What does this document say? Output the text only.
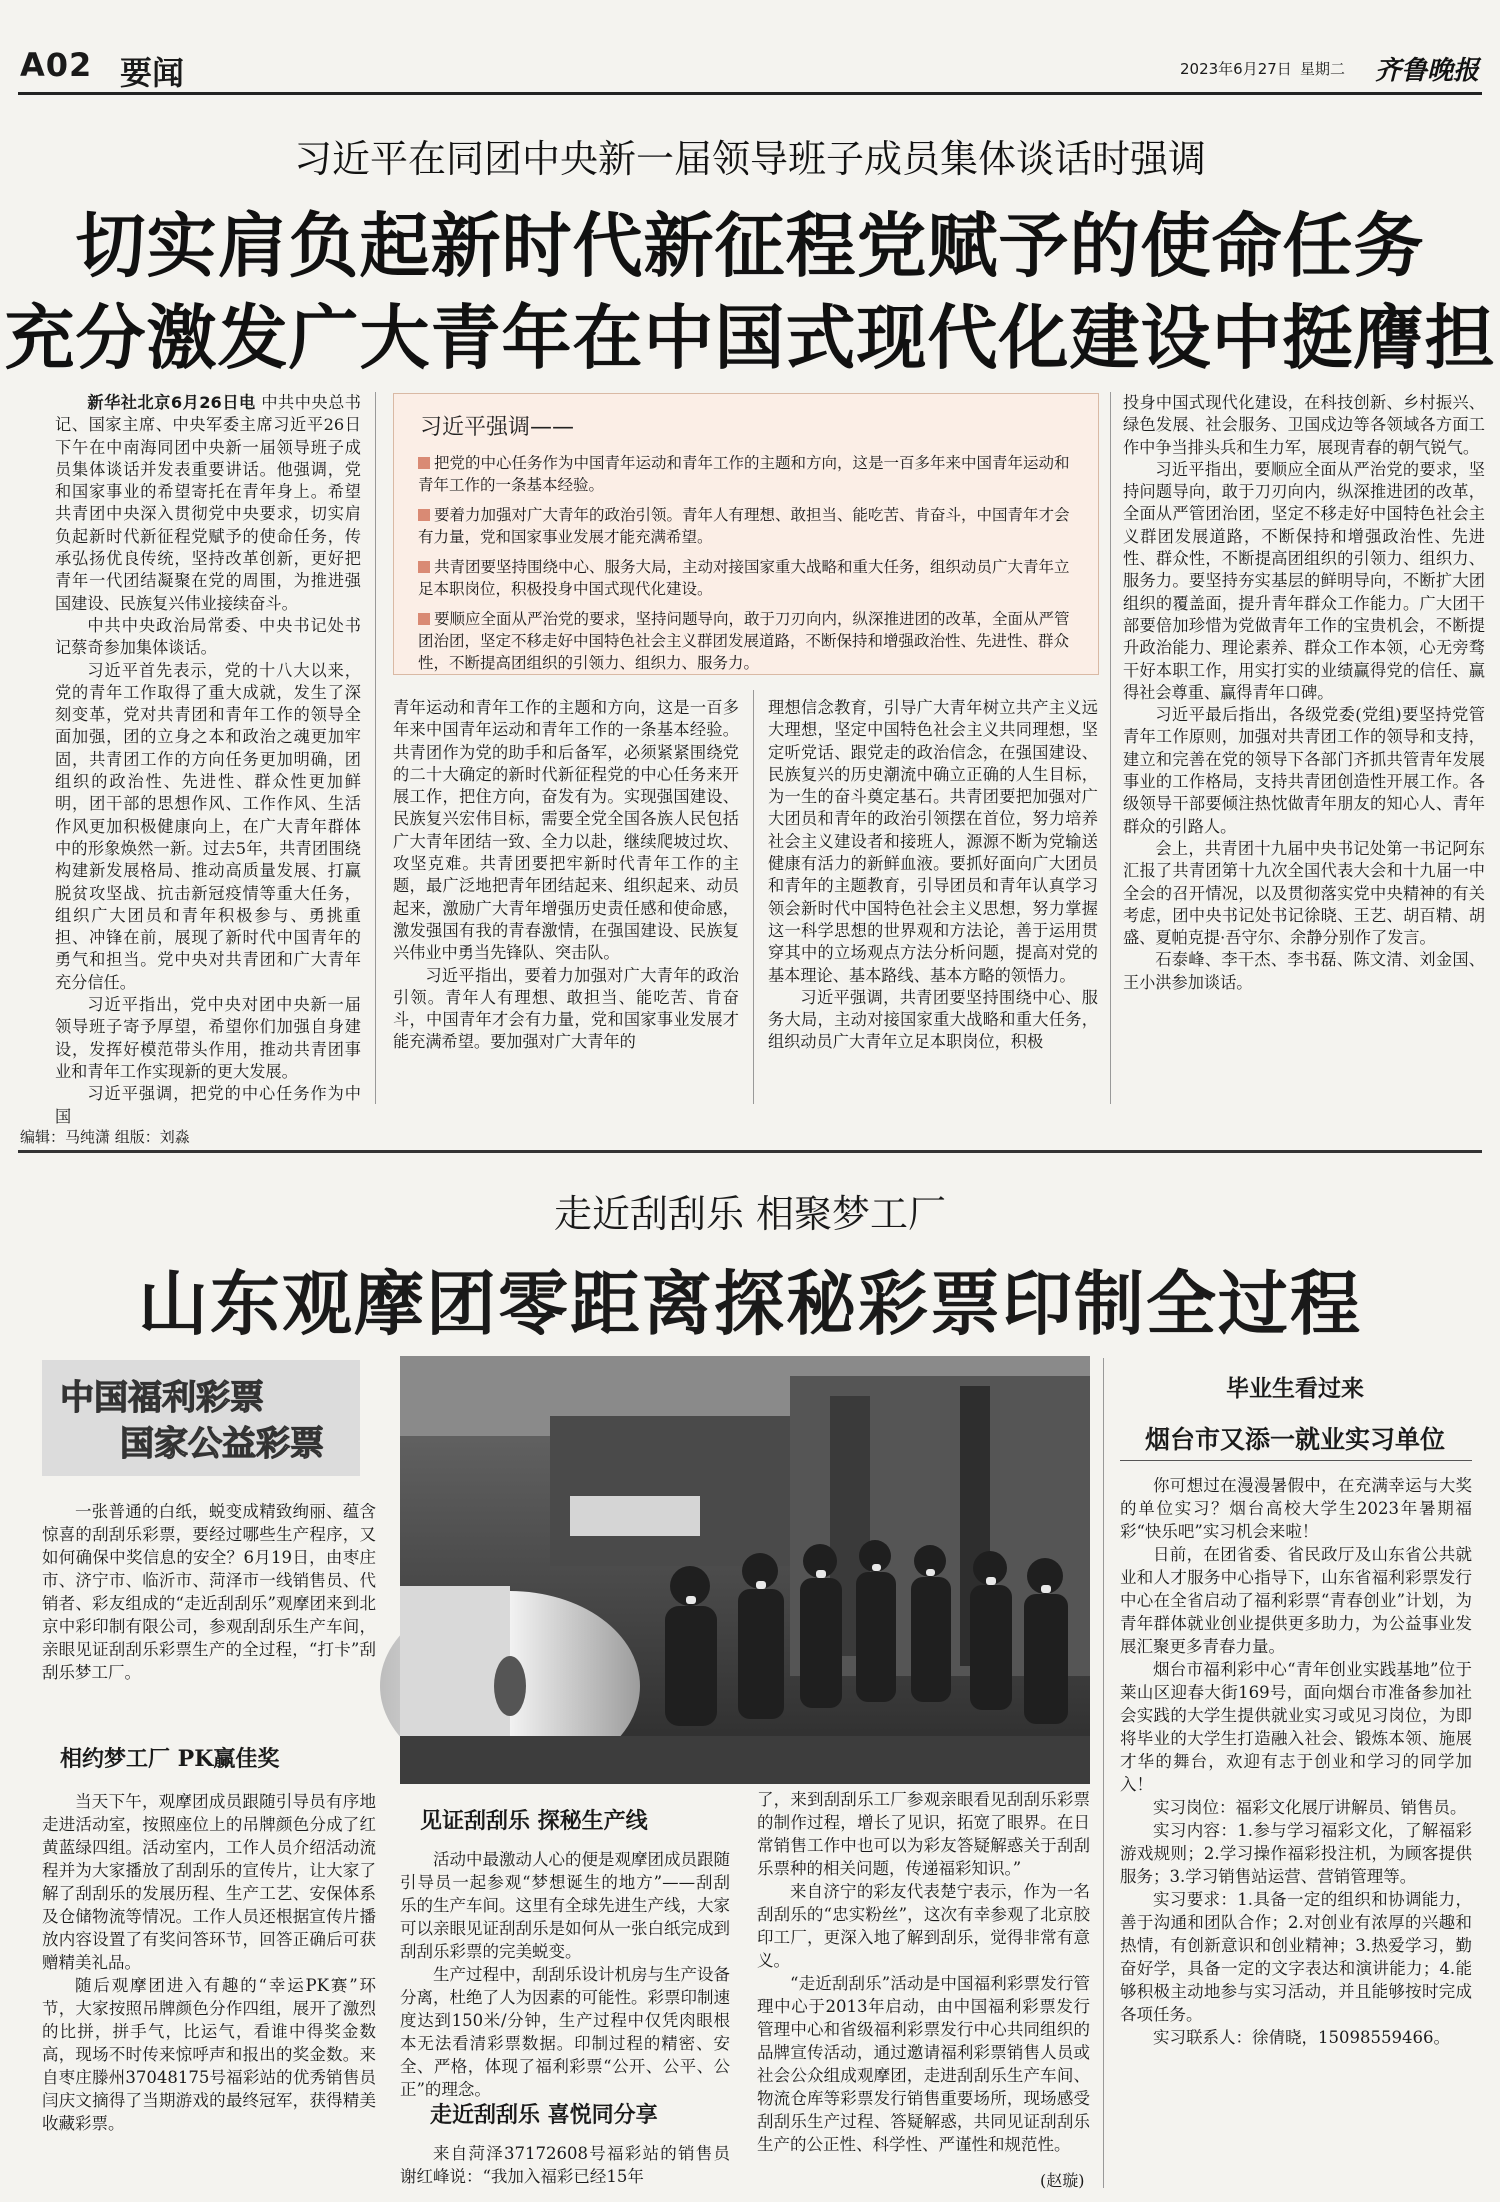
A02 要闻	2023年6月27日 星期二 齐鲁晚报
习近平在同团中央新一届领导班子成员集体谈话时强调
切实肩负起新时代新征程党赋予的使命任务
充分激发广大青年在中国式现代化建设中挺膺担

新华社北京6月26日电 中共中央总书记、国家主席、中央军委主席习近平26日下午在中南海同团中央新一届领导班子成员集体谈话并发表重要讲话。他强调，党和国家事业的希望寄托在青年身上。希望共青团中央深入贯彻党中央要求，切实肩负起新时代新征程党赋予的使命任务，传承弘扬优良传统，坚持改革创新，更好把青年一代团结凝聚在党的周围，为推进强国建设、民族复兴伟业接续奋斗。

中共中央政治局常委、中央书记处书记蔡奇参加集体谈话。

习近平首先表示，党的十八大以来，党的青年工作取得了重大成就，发生了深刻变革，党对共青团和青年工作的领导全面加强，团的立身之本和政治之魂更加牢固，共青团工作的方向任务更加明确，团组织的政治性、先进性、群众性更加鲜明，团干部的思想作风、工作作风、生活作风更加积极健康向上，在广大青年群体中的形象焕然一新。过去5年，共青团围绕构建新发展格局、推动高质量发展、打赢脱贫攻坚战、抗击新冠疫情等重大任务，组织广大团员和青年积极参与、勇挑重担、冲锋在前，展现了新时代中国青年的勇气和担当。党中央对共青团和广大青年充分信任。

习近平指出，党中央对团中央新一届领导班子寄予厚望，希望你们加强自身建设，发挥好模范带头作用，推动共青团事业和青年工作实现新的更大发展。

习近平强调，把党的中心任务作为中国

习近平强调——

把党的中心任务作为中国青年运动和青年工作的主题和方向，这是一百多年来中国青年运动和青年工作的一条基本经验。

要着力加强对广大青年的政治引领。青年人有理想、敢担当、能吃苦、肯奋斗，中国青年才会有力量，党和国家事业发展才能充满希望。

共青团要坚持围绕中心、服务大局，主动对接国家重大战略和重大任务，组织动员广大青年立足本职岗位，积极投身中国式现代化建设。

要顺应全面从严治党的要求，坚持问题导向，敢于刀刃向内，纵深推进团的改革，全面从严管团治团，坚定不移走好中国特色社会主义群团发展道路，不断保持和增强政治性、先进性、群众性，不断提高团组织的引领力、组织力、服务力。

青年运动和青年工作的主题和方向，这是一百多年来中国青年运动和青年工作的一条基本经验。共青团作为党的助手和后备军，必须紧紧围绕党的二十大确定的新时代新征程党的中心任务来开展工作，把住方向，奋发有为。实现强国建设、民族复兴宏伟目标，需要全党全国各族人民包括广大青年团结一致、全力以赴，继续爬坡过坎、攻坚克难。共青团要把牢新时代青年工作的主题，最广泛地把青年团结起来、组织起来、动员起来，激励广大青年增强历史责任感和使命感，激发强国有我的青春激情，在强国建设、民族复兴伟业中勇当先锋队、突击队。

习近平指出，要着力加强对广大青年的政治引领。青年人有理想、敢担当、能吃苦、肯奋斗，中国青年才会有力量，党和国家事业发展才能充满希望。要加强对广大青年的

理想信念教育，引导广大青年树立共产主义远大理想，坚定中国特色社会主义共同理想，坚定听党话、跟党走的政治信念，在强国建设、民族复兴的历史潮流中确立正确的人生目标，为一生的奋斗奠定基石。共青团要把加强对广大团员和青年的政治引领摆在首位，努力培养社会主义建设者和接班人，源源不断为党输送健康有活力的新鲜血液。要抓好面向广大团员和青年的主题教育，引导团员和青年认真学习领会新时代中国特色社会主义思想，努力掌握这一科学思想的世界观和方法论，善于运用贯穿其中的立场观点方法分析问题，提高对党的基本理论、基本路线、基本方略的领悟力。

习近平强调，共青团要坚持围绕中心、服务大局，主动对接国家重大战略和重大任务，组织动员广大青年立足本职岗位，积极

投身中国式现代化建设，在科技创新、乡村振兴、绿色发展、社会服务、卫国戍边等各领域各方面工作中争当排头兵和生力军，展现青春的朝气锐气。

习近平指出，要顺应全面从严治党的要求，坚持问题导向，敢于刀刃向内，纵深推进团的改革，全面从严管团治团，坚定不移走好中国特色社会主义群团发展道路，不断保持和增强政治性、先进性、群众性，不断提高团组织的引领力、组织力、服务力。要坚持夯实基层的鲜明导向，不断扩大团组织的覆盖面，提升青年群众工作能力。广大团干部要倍加珍惜为党做青年工作的宝贵机会，不断提升政治能力、理论素养、群众工作本领，心无旁骛干好本职工作，用实打实的业绩赢得党的信任、赢得社会尊重、赢得青年口碑。

习近平最后指出，各级党委(党组)要坚持党管青年工作原则，加强对共青团工作的领导和支持，建立和完善在党的领导下各部门齐抓共管青年发展事业的工作格局，支持共青团创造性开展工作。各级领导干部要倾注热忱做青年朋友的知心人、青年群众的引路人。

会上，共青团十九届中央书记处第一书记阿东汇报了共青团第十九次全国代表大会和十九届一中全会的召开情况，以及贯彻落实党中央精神的有关考虑，团中央书记处书记徐晓、王艺、胡百精、胡盛、夏帕克提·吾守尔、余静分别作了发言。

石泰峰、李干杰、李书磊、陈文清、刘金国、王小洪参加谈话。

编辑：马纯潇 组版：刘淼
走近刮刮乐 相聚梦工厂
山东观摩团零距离探秘彩票印制全过程
中国福利彩票
国家公益彩票

一张普通的白纸，蜕变成精致绚丽、蕴含惊喜的刮刮乐彩票，要经过哪些生产程序，又如何确保中奖信息的安全？6月19日，由枣庄市、济宁市、临沂市、菏泽市一线销售员、代销者、彩友组成的“走近刮刮乐”观摩团来到北京中彩印制有限公司，参观刮刮乐生产车间，亲眼见证刮刮乐彩票生产的全过程，“打卡”刮刮乐梦工厂。

相约梦工厂 PK赢佳奖

当天下午，观摩团成员跟随引导员有序地走进活动室，按照座位上的吊牌颜色分成了红黄蓝绿四组。活动室内，工作人员介绍活动流程并为大家播放了刮刮乐的宣传片，让大家了解了刮刮乐的发展历程、生产工艺、安保体系及仓储物流等情况。工作人员还根据宣传片播放内容设置了有奖问答环节，回答正确后可获赠精美礼品。

随后观摩团进入有趣的“幸运PK赛”环节，大家按照吊牌颜色分作四组，展开了激烈的比拼，拼手气，比运气，看谁中得奖金数高，现场不时传来惊呼声和报出的奖金数。来自枣庄滕州37048175号福彩站的优秀销售员闫庆文摘得了当期游戏的最终冠军，获得精美收藏彩票。

见证刮刮乐 探秘生产线

活动中最激动人心的便是观摩团成员跟随引导员一起参观“梦想诞生的地方”——刮刮乐的生产车间。这里有全球先进生产线，大家可以亲眼见证刮刮乐是如何从一张白纸完成到刮刮乐彩票的完美蜕变。

生产过程中，刮刮乐设计机房与生产设备分离，杜绝了人为因素的可能性。彩票印制速度达到150米/分钟，生产过程中仅凭肉眼根本无法看清彩票数据。印制过程的精密、安全、严格，体现了福利彩票“公开、公平、公正”的理念。

走近刮刮乐 喜悦同分享

来自菏泽37172608号福彩站的销售员谢红峰说：“我加入福彩已经15年

了，来到刮刮乐工厂参观亲眼看见刮刮乐彩票的制作过程，增长了见识，拓宽了眼界。在日常销售工作中也可以为彩友答疑解惑关于刮刮乐票种的相关问题，传递福彩知识。”

来自济宁的彩友代表楚宁表示，作为一名刮刮乐的“忠实粉丝”，这次有幸参观了北京胶印工厂，更深入地了解到刮乐，觉得非常有意义。

“走近刮刮乐”活动是中国福利彩票发行管理中心于2013年启动，由中国福利彩票发行管理中心和省级福利彩票发行中心共同组织的品牌宣传活动，通过邀请福利彩票销售人员或社会公众组成观摩团，走进刮刮乐生产车间、物流仓库等彩票发行销售重要场所，现场感受刮刮乐生产过程、答疑解惑，共同见证刮刮乐生产的公正性、科学性、严谨性和规范性。

(赵璇)
毕业生看过来
烟台市又添一就业实习单位

你可想过在漫漫暑假中，在充满幸运与大奖的单位实习？烟台高校大学生2023年暑期福彩“快乐吧”实习机会来啦！

日前，在团省委、省民政厅及山东省公共就业和人才服务中心指导下，山东省福利彩票发行中心在全省启动了福利彩票“青春创业”计划，为青年群体就业创业提供更多助力，为公益事业发展汇聚更多青春力量。

烟台市福利彩中心“青年创业实践基地”位于莱山区迎春大街169号，面向烟台市准备参加社会实践的大学生提供就业实习或见习岗位，为即将毕业的大学生打造融入社会、锻炼本领、施展才华的舞台，欢迎有志于创业和学习的同学加入！

实习岗位：福彩文化展厅讲解员、销售员。

实习内容：1.参与学习福彩文化，了解福彩游戏规则；2.学习操作福彩投注机，为顾客提供服务；3.学习销售站运营、营销管理等。

实习要求：1.具备一定的组织和协调能力，善于沟通和团队合作；2.对创业有浓厚的兴趣和热情，有创新意识和创业精神；3.热爱学习，勤奋好学，具备一定的文字表达和演讲能力；4.能够积极主动地参与实习活动，并且能够按时完成各项任务。

实习联系人：徐倩晓，15098559466。
